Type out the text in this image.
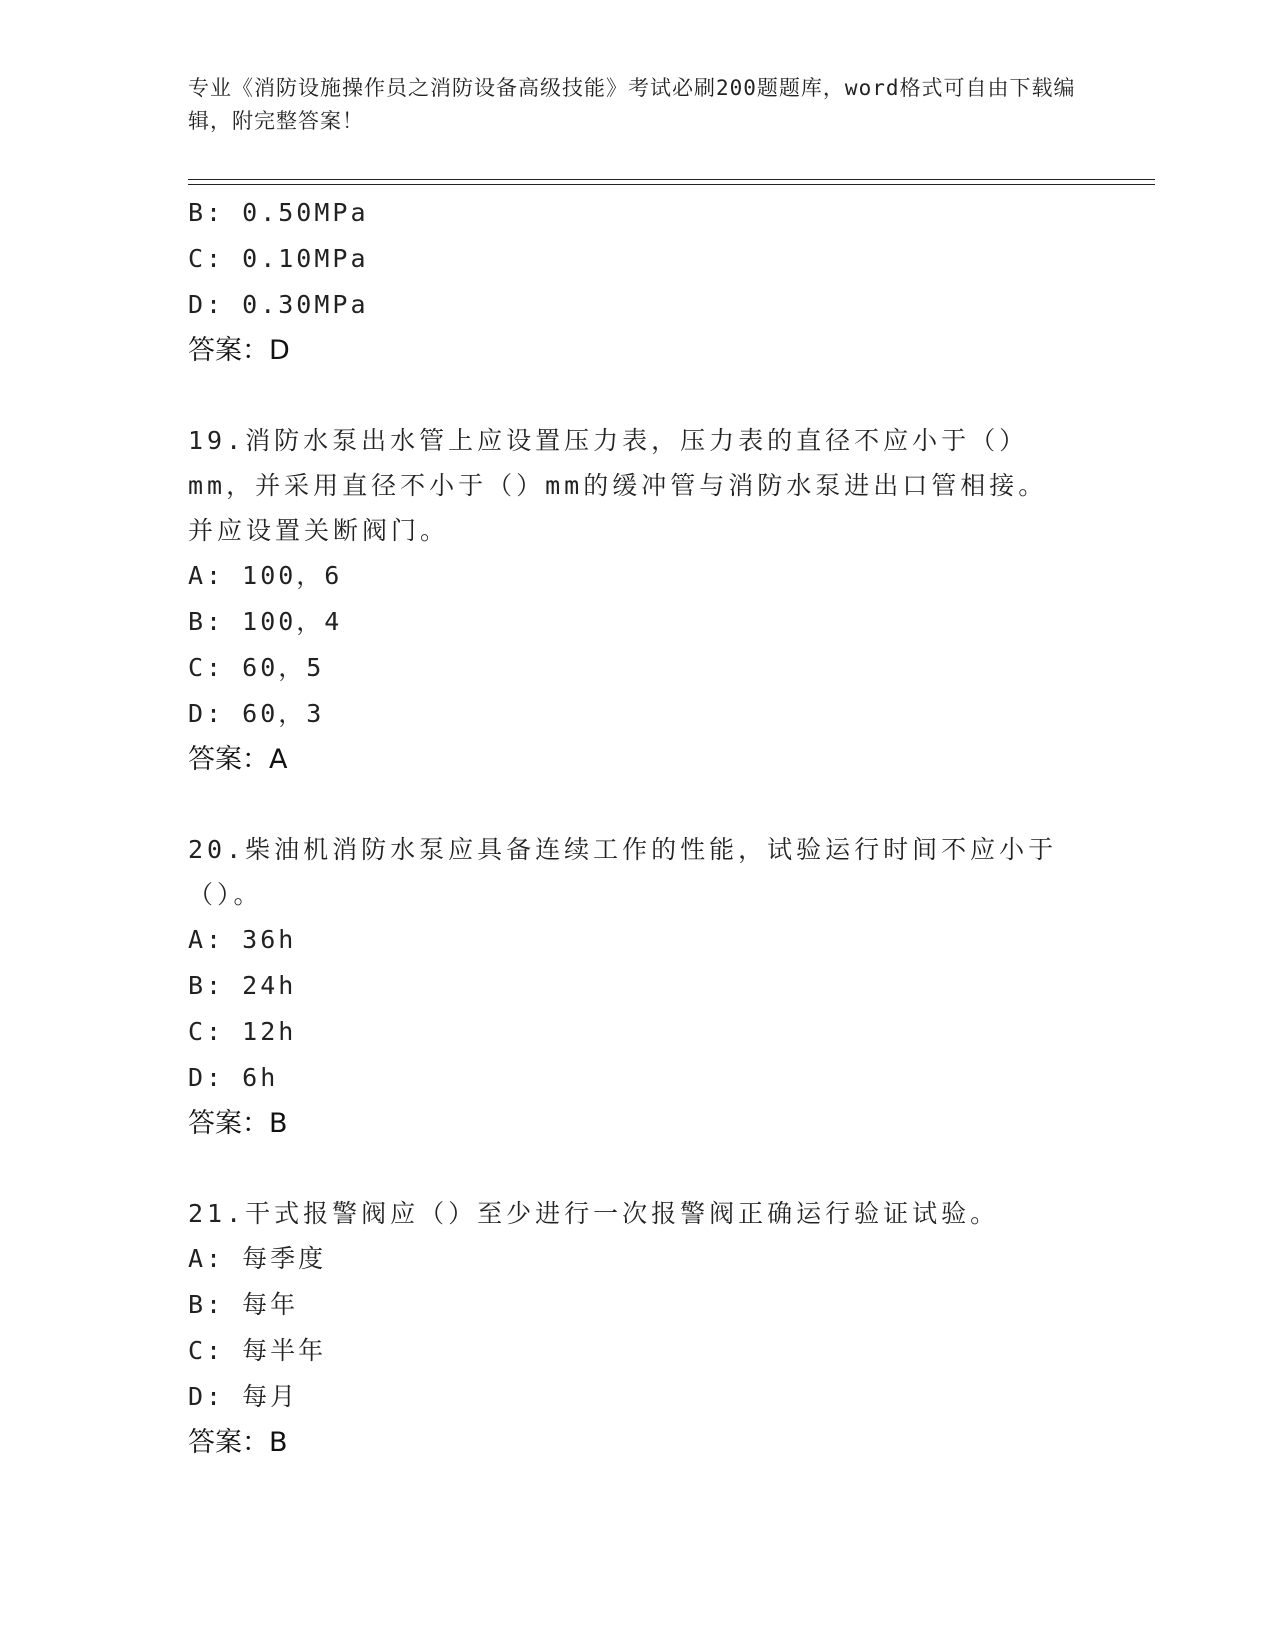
专业《消防设施操作员之消防设备高级技能》考试必刷200题题库，word格式可自由下载编辑，附完整答案！
B: 0.50MPa
C: 0.10MPa
D: 0.30MPa
答案：D
19.消防水泵出水管上应设置压力表，压力表的直径不应小于（）mm，并采用直径不小于（）mm的缓冲管与消防水泵进出口管相接。并应设置关断阀门。
A: 100，6
B: 100，4
C: 60，5
D: 60，3
答案：A
20.柴油机消防水泵应具备连续工作的性能，试验运行时间不应小于（）。
A: 36h
B: 24h
C: 12h
D: 6h
答案：B
21.干式报警阀应（）至少进行一次报警阀正确运行验证试验。
A: 每季度
B: 每年
C: 每半年
D: 每月
答案：B
